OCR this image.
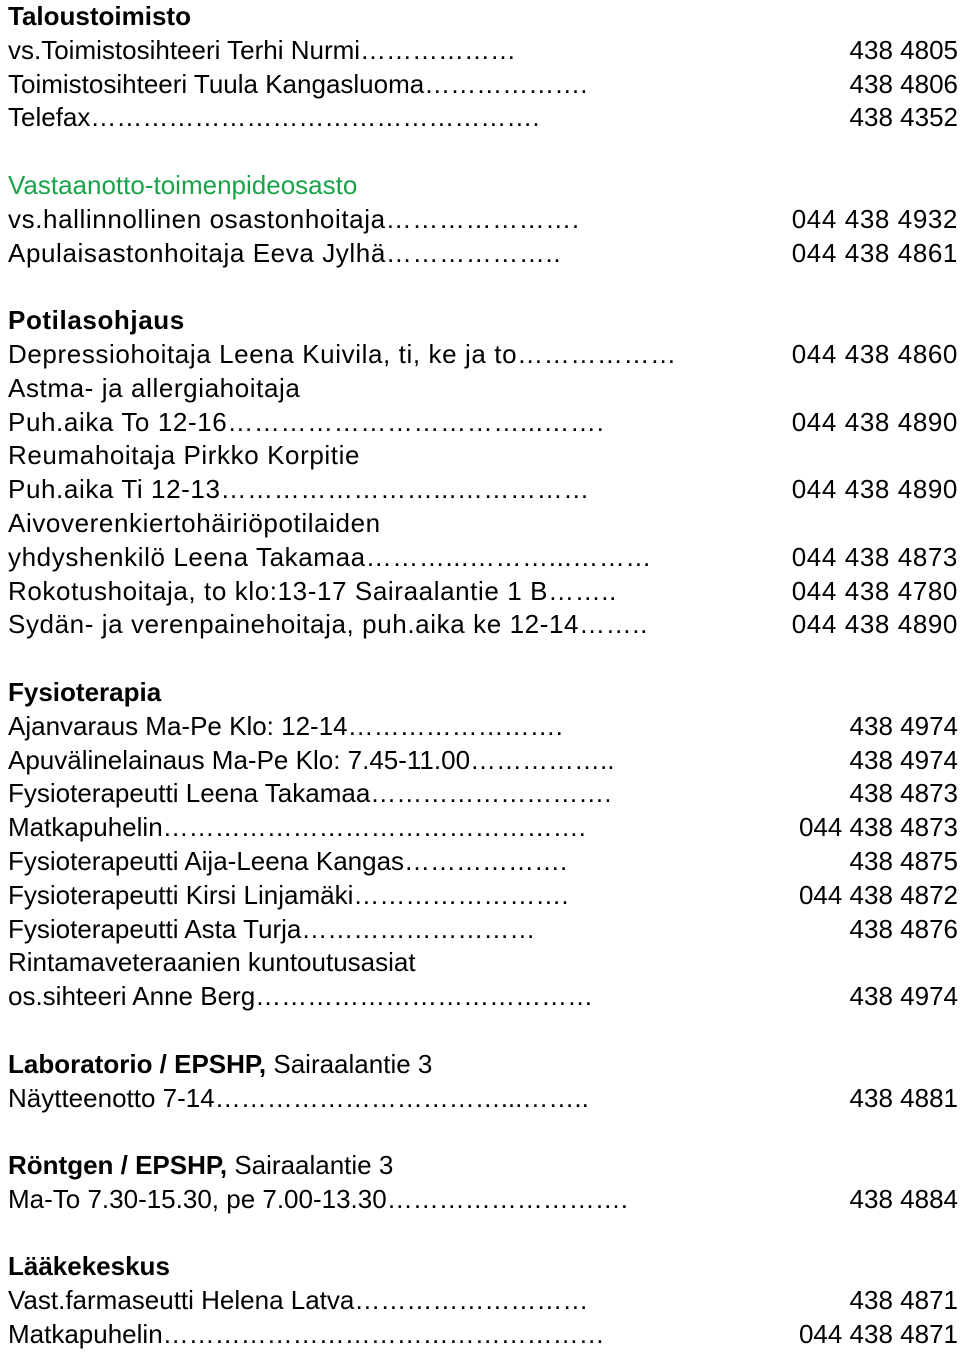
Taloustoimisto
vs.Toimistosihteeri Terhi Nurmi………………	438 4805
Toimistosihteeri Tuula Kangasluoma……………….	438 4806
Telefax…………………………………………….	438 4352
Vastaanotto-toimenpideosasto
vs.hallinnollinen osastonhoitaja………………….	044 438 4932
Apulaisastonhoitaja Eeva Jylhä………………..	044 438 4861
Potilasohjaus
Depressiohoitaja Leena Kuivila, ti, ke ja to………………	044 438 4860
Astma- ja allergiahoitaja
Puh.aika To 12-16……………………………...…….	044 438 4890
Reumahoitaja Pirkko Korpitie
Puh.aika Ti 12-13……………………...……………	044 438 4890
Aivoverenkiertohäiriöpotilaiden
yhdyshenkilö Leena Takamaa………...………...………	044 438 4873
Rokotushoitaja, to klo:13-17 Sairaalantie 1 B……..	044 438 4780
Sydän- ja verenpainehoitaja, puh.aika ke 12-14……..	044 438 4890
Fysioterapia
Ajanvaraus Ma-Pe Klo: 12-14…………………….	438 4974
Apuvälinelainaus Ma-Pe Klo: 7.45-11.00……………..	438 4974
Fysioterapeutti Leena Takamaa……………………….	438 4873
Matkapuhelin………………………………………….	044 438 4873
Fysioterapeutti Aija-Leena Kangas……………….	438 4875
Fysioterapeutti Kirsi Linjamäki…………………….	044 438 4872
Fysioterapeutti Asta Turja………………………	438 4876
Rintamaveteraanien kuntoutusasiat
os.sihteeri Anne Berg…………………………………	438 4974
Laboratorio / EPSHP, Sairaalantie 3
Näytteenotto 7-14……………………………...……..	438 4881
Röntgen / EPSHP, Sairaalantie 3
Ma-To 7.30-15.30, pe 7.00-13.30……………………….	438 4884
Lääkekeskus
Vast.farmaseutti Helena Latva………………………	438 4871
Matkapuhelin……………………………………………	044 438 4871
